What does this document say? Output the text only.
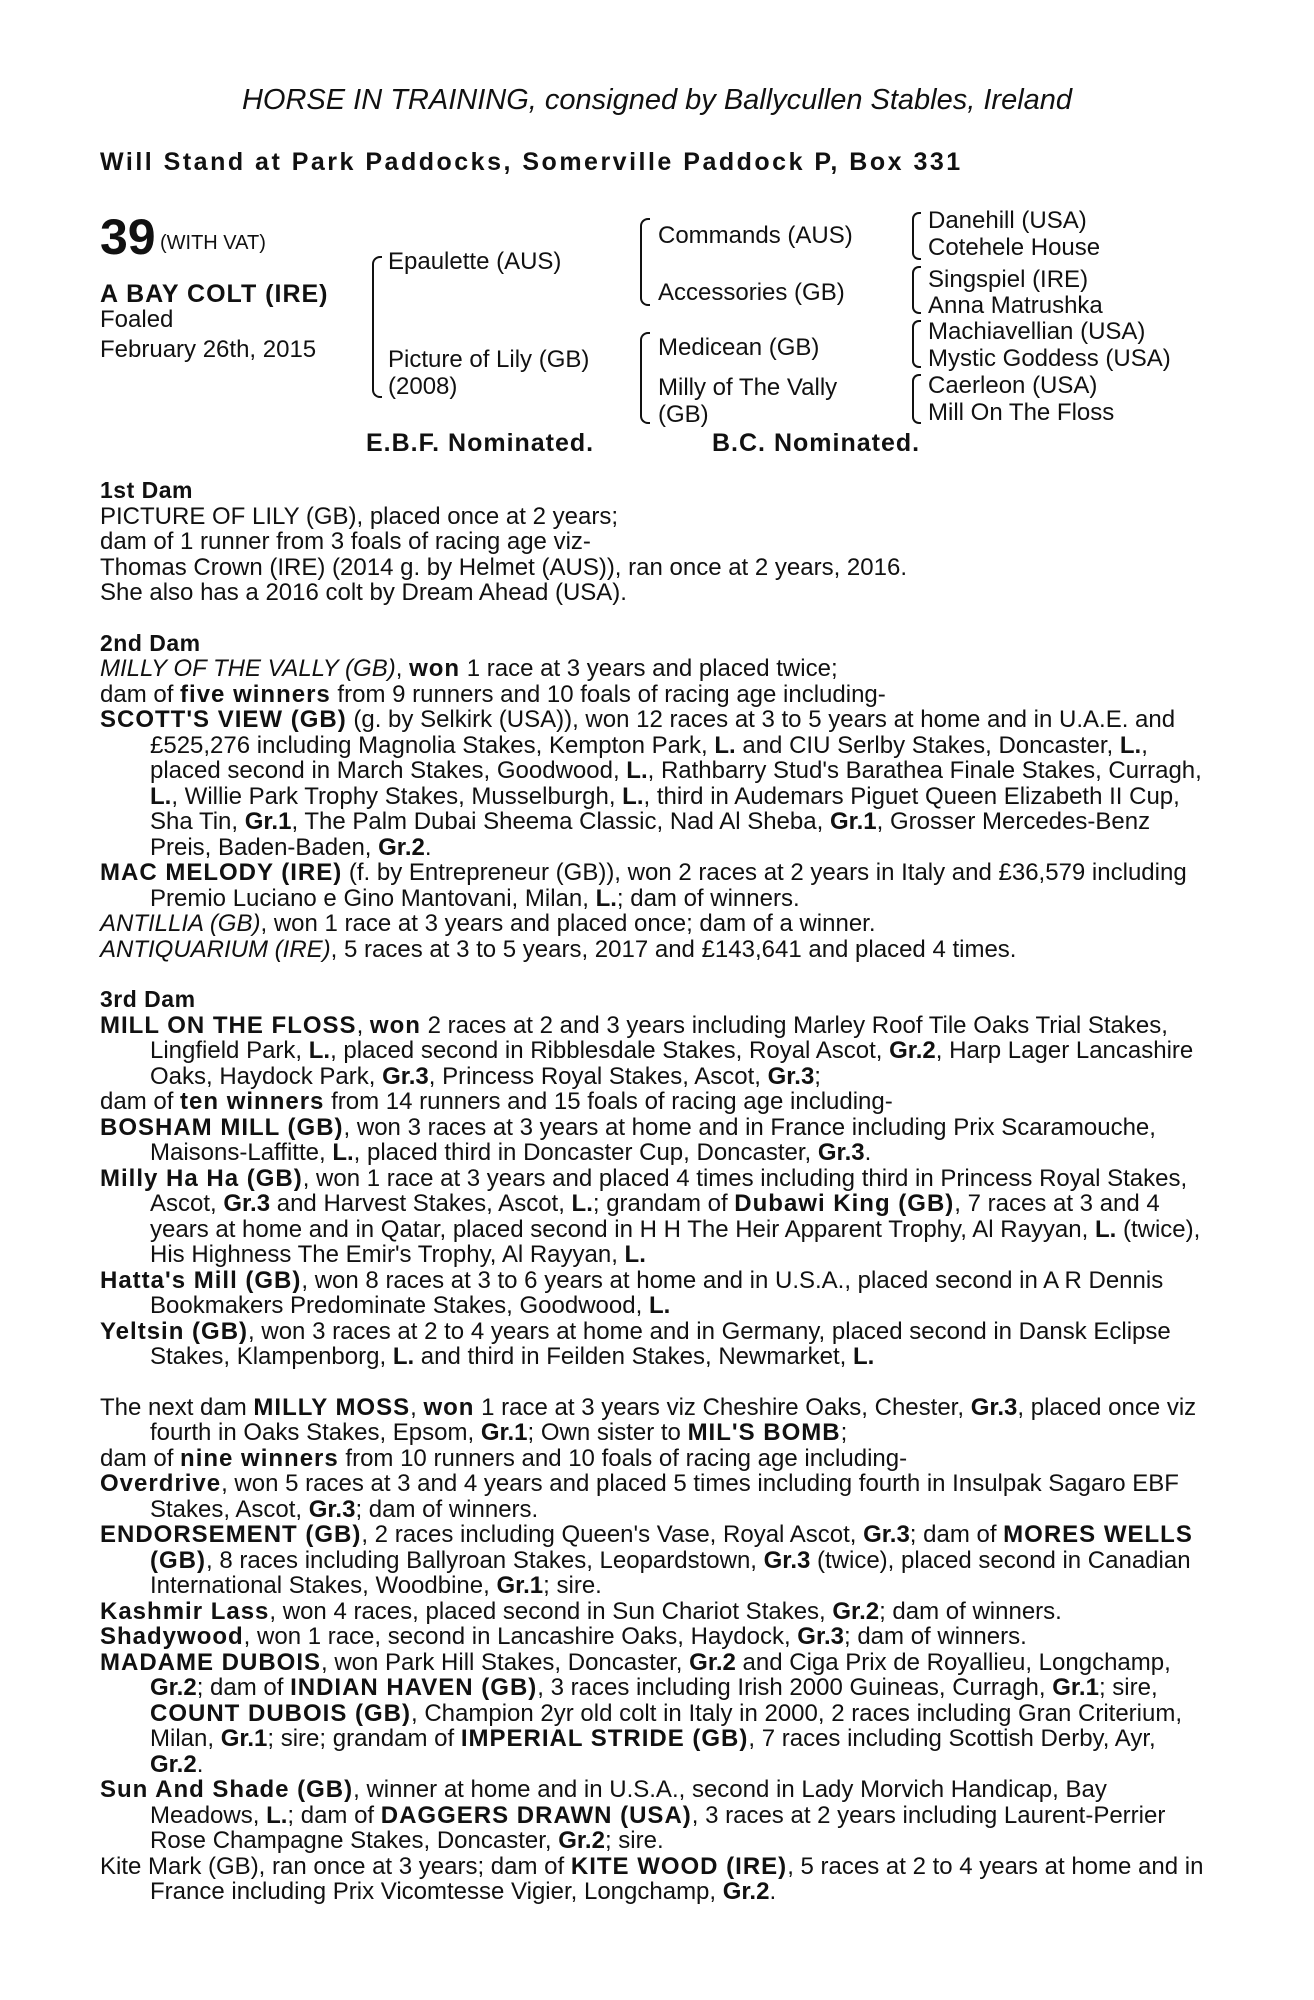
HORSE IN TRAINING, consigned by Ballycullen Stables, Ireland
Will Stand at Park Paddocks, Somerville Paddock P, Box 331
39 (WITH VAT)
A BAY COLT (IRE)
Foaled
February 26th, 2015
Epaulette (AUS)
Picture of Lily (GB)
(2008)
Commands (AUS)
Accessories (GB)
Medicean (GB)
Milly of The Vally
(GB)
Danehill (USA)
Cotehele House
Singspiel (IRE)
Anna Matrushka
Machiavellian (USA)
Mystic Goddess (USA)
Caerleon (USA)
Mill On The Floss
E.B.F. Nominated.	B.C. Nominated.

1st Dam

PICTURE OF LILY (GB), placed once at 2 years;

dam of 1 runner from 3 foals of racing age viz-

Thomas Crown (IRE) (2014 g. by Helmet (AUS)), ran once at 2 years, 2016.

She also has a 2016 colt by Dream Ahead (USA).

2nd Dam

MILLY OF THE VALLY (GB), won 1 race at 3 years and placed twice;

dam of five winners from 9 runners and 10 foals of racing age including-

SCOTT'S VIEW (GB) (g. by Selkirk (USA)), won 12 races at 3 to 5 years at home and in U.A.E. and £525,276 including Magnolia Stakes, Kempton Park, L. and CIU Serlby Stakes, Doncaster, L., placed second in March Stakes, Goodwood, L., Rathbarry Stud's Barathea Finale Stakes, Curragh, L., Willie Park Trophy Stakes, Musselburgh, L., third in Audemars Piguet Queen Elizabeth II Cup, Sha Tin, Gr.1, The Palm Dubai Sheema Classic, Nad Al Sheba, Gr.1, Grosser Mercedes-Benz Preis, Baden-Baden, Gr.2.

MAC MELODY (IRE) (f. by Entrepreneur (GB)), won 2 races at 2 years in Italy and £36,579 including Premio Luciano e Gino Mantovani, Milan, L.; dam of winners.

ANTILLIA (GB), won 1 race at 3 years and placed once; dam of a winner.

ANTIQUARIUM (IRE), 5 races at 3 to 5 years, 2017 and £143,641 and placed 4 times.

3rd Dam

MILL ON THE FLOSS, won 2 races at 2 and 3 years including Marley Roof Tile Oaks Trial Stakes, Lingfield Park, L., placed second in Ribblesdale Stakes, Royal Ascot, Gr.2, Harp Lager Lancashire Oaks, Haydock Park, Gr.3, Princess Royal Stakes, Ascot, Gr.3;

dam of ten winners from 14 runners and 15 foals of racing age including-

BOSHAM MILL (GB), won 3 races at 3 years at home and in France including Prix Scaramouche, Maisons-Laffitte, L., placed third in Doncaster Cup, Doncaster, Gr.3.

Milly Ha Ha (GB), won 1 race at 3 years and placed 4 times including third in Princess Royal Stakes, Ascot, Gr.3 and Harvest Stakes, Ascot, L.; grandam of Dubawi King (GB), 7 races at 3 and 4 years at home and in Qatar, placed second in H H The Heir Apparent Trophy, Al Rayyan, L. (twice), His Highness The Emir's Trophy, Al Rayyan, L.

Hatta's Mill (GB), won 8 races at 3 to 6 years at home and in U.S.A., placed second in A R Dennis Bookmakers Predominate Stakes, Goodwood, L.

Yeltsin (GB), won 3 races at 2 to 4 years at home and in Germany, placed second in Dansk Eclipse Stakes, Klampenborg, L. and third in Feilden Stakes, Newmarket, L.

The next dam MILLY MOSS, won 1 race at 3 years viz Cheshire Oaks, Chester, Gr.3, placed once viz fourth in Oaks Stakes, Epsom, Gr.1; Own sister to MIL'S BOMB;

dam of nine winners from 10 runners and 10 foals of racing age including-

Overdrive, won 5 races at 3 and 4 years and placed 5 times including fourth in Insulpak Sagaro EBF Stakes, Ascot, Gr.3; dam of winners.

ENDORSEMENT (GB), 2 races including Queen's Vase, Royal Ascot, Gr.3; dam of MORES WELLS (GB), 8 races including Ballyroan Stakes, Leopardstown, Gr.3 (twice), placed second in Canadian International Stakes, Woodbine, Gr.1; sire.

Kashmir Lass, won 4 races, placed second in Sun Chariot Stakes, Gr.2; dam of winners.

Shadywood, won 1 race, second in Lancashire Oaks, Haydock, Gr.3; dam of winners.

MADAME DUBOIS, won Park Hill Stakes, Doncaster, Gr.2 and Ciga Prix de Royallieu, Longchamp, Gr.2; dam of INDIAN HAVEN (GB), 3 races including Irish 2000 Guineas, Curragh, Gr.1; sire, COUNT DUBOIS (GB), Champion 2yr old colt in Italy in 2000, 2 races including Gran Criterium, Milan, Gr.1; sire; grandam of IMPERIAL STRIDE (GB), 7 races including Scottish Derby, Ayr, Gr.2.

Sun And Shade (GB), winner at home and in U.S.A., second in Lady Morvich Handicap, Bay Meadows, L.; dam of DAGGERS DRAWN (USA), 3 races at 2 years including Laurent-Perrier Rose Champagne Stakes, Doncaster, Gr.2; sire.

Kite Mark (GB), ran once at 3 years; dam of KITE WOOD (IRE), 5 races at 2 to 4 years at home and in France including Prix Vicomtesse Vigier, Longchamp, Gr.2.
